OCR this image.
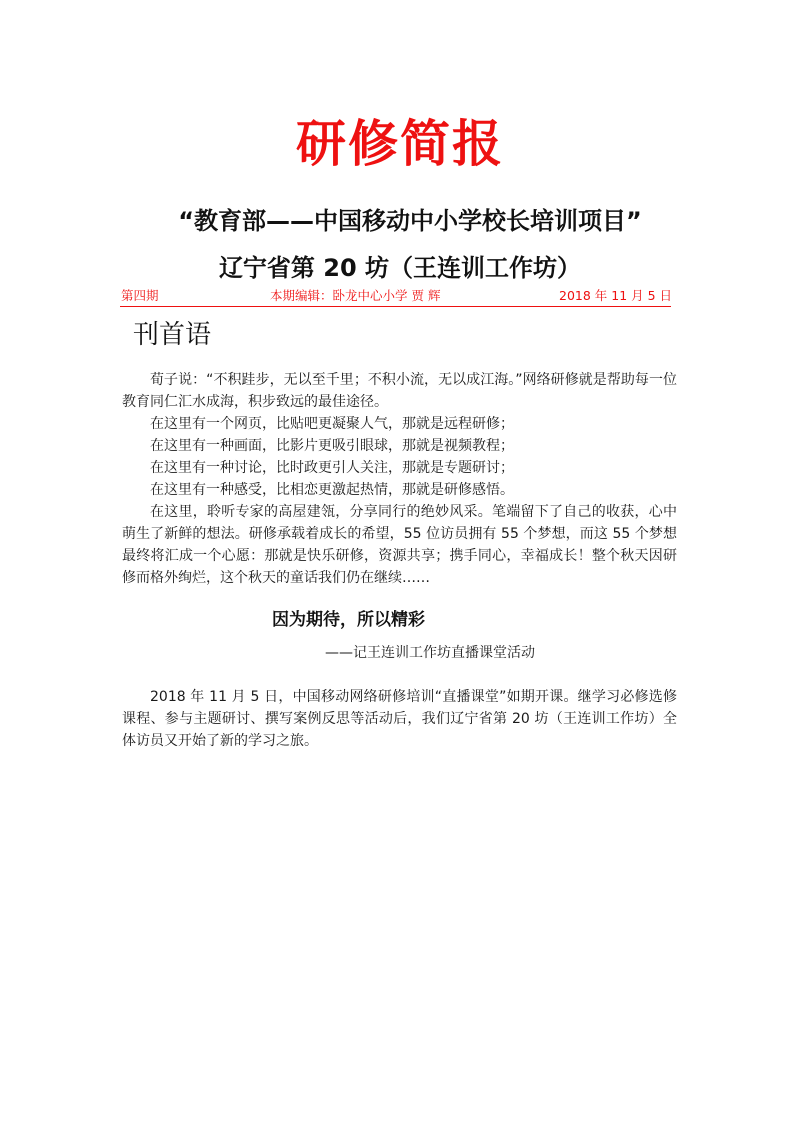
研修简报
“教育部——中国移动中小学校长培训项目”
辽宁省第 20 坊（王连训工作坊）
第四期	本期编辑：卧龙中心小学 贾 辉	2018 年 11 月 5 日
刊首语

荀子说：“不积跬步，无以至千里；不积小流，无以成江海。”网络研修就是帮助每一位教育同仁汇水成海，积步致远的最佳途径。

在这里有一个网页，比贴吧更凝聚人气，那就是远程研修；

在这里有一种画面，比影片更吸引眼球，那就是视频教程；

在这里有一种讨论，比时政更引人关注，那就是专题研讨；

在这里有一种感受，比相恋更激起热情，那就是研修感悟。

在这里，聆听专家的高屋建瓴，分享同行的绝妙风采。笔端留下了自己的收获，心中萌生了新鲜的想法。研修承载着成长的希望，55 位访员拥有 55 个梦想，而这 55 个梦想最终将汇成一个心愿：那就是快乐研修，资源共享；携手同心，幸福成长！整个秋天因研修而格外绚烂，这个秋天的童话我们仍在继续……

因为期待，所以精彩
——记王连训工作坊直播课堂活动

2018 年 11 月 5 日，中国移动网络研修培训“直播课堂”如期开课。继学习必修选修课程、参与主题研讨、撰写案例反思等活动后，我们辽宁省第 20 坊（王连训工作坊）全体访员又开始了新的学习之旅。
